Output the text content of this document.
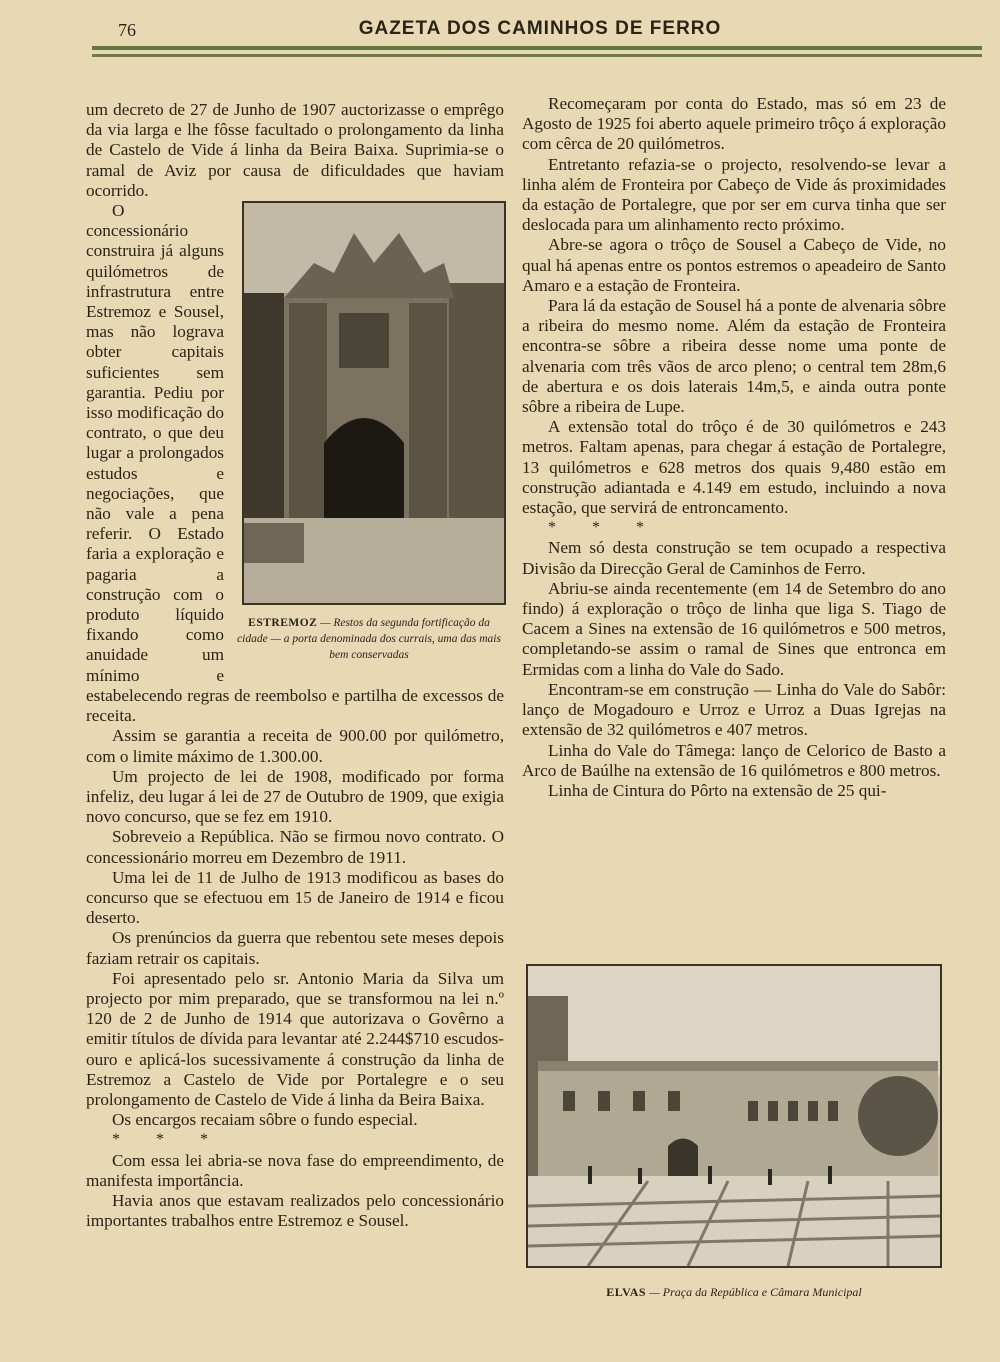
76	GAZETA DOS CAMINHOS DE FERRO

um decreto de 27 de Junho de 1907 auctorizasse o emprêgo da via larga e lhe fôsse facultado o prolongamento da linha de Castelo de Vide á linha da Beira Baixa. Suprimia-se o ramal de Aviz por causa de dificuldades que haviam ocorrido.

ESTREMOZ — Restos da segunda fortificação da cidade — a porta denominada dos currais, uma das mais bem conservadas

O concessionário construira já alguns quilómetros de infrastrutura entre Estremoz e Sousel, mas não lograva obter capitais suficientes sem garantia. Pediu por isso modificação do contrato, o que deu lugar a prolongados estudos e negociações, que não vale a pena referir. O Estado faria a exploração e pagaria a construção com o produto líquido fixando como anuidade um mínimo e estabelecendo regras de reembolso e partilha de excessos de receita.

Assim se garantia a receita de 900.00 por quilómetro, com o limite máximo de 1.300.00.

Um projecto de lei de 1908, modificado por forma infeliz, deu lugar á lei de 27 de Outubro de 1909, que exigia novo concurso, que se fez em 1910.

Sobreveio a República. Não se firmou novo contrato. O concessionário morreu em Dezembro de 1911.

Uma lei de 11 de Julho de 1913 modificou as bases do concurso que se efectuou em 15 de Janeiro de 1914 e ficou deserto.

Os prenúncios da guerra que rebentou sete meses depois faziam retrair os capitais.

Foi apresentado pelo sr. Antonio Maria da Silva um projecto por mim preparado, que se transformou na lei n.º 120 de 2 de Junho de 1914 que autorizava o Govêrno a emitir títulos de dívida para levantar até 2.244$710 escudos-ouro e aplicá-los sucessivamente á construção da linha de Estremoz a Castelo de Vide por Portalegre e o seu prolongamento de Castelo de Vide á linha da Beira Baixa.

Os encargos recaiam sôbre o fundo especial.

* * *

Com essa lei abria-se nova fase do empreendimento, de manifesta importância.

Havia anos que estavam realizados pelo concessionário importantes trabalhos entre Estremoz e Sousel.

Recomeçaram por conta do Estado, mas só em 23 de Agosto de 1925 foi aberto aquele primeiro trôço á exploração com cêrca de 20 quilómetros.

Entretanto refazia-se o projecto, resolvendo-se levar a linha além de Fronteira por Cabeço de Vide ás proximidades da estação de Portalegre, que por ser em curva tinha que ser deslocada para um alinhamento recto próximo.

Abre-se agora o trôço de Sousel a Cabeço de Vide, no qual há apenas entre os pontos estremos o apeadeiro de Santo Amaro e a estação de Fronteira.

Para lá da estação de Sousel há a ponte de alvenaria sôbre a ribeira do mesmo nome. Além da estação de Fronteira encontra-se sôbre a ribeira desse nome uma ponte de alvenaria com três vãos de arco pleno; o central tem 28m,6 de abertura e os dois laterais 14m,5, e ainda outra ponte sôbre a ribeira de Lupe.

A extensão total do trôço é de 30 quilómetros e 243 metros. Faltam apenas, para chegar á estação de Portalegre, 13 quilómetros e 628 metros dos quais 9,480 estão em construção adiantada e 4.149 em estudo, incluindo a nova estação, que servirá de entroncamento.

* * *

Nem só desta construção se tem ocupado a respectiva Divisão da Direcção Geral de Caminhos de Ferro.

Abriu-se ainda recentemente (em 14 de Setembro do ano findo) á exploração o trôço de linha que liga S. Tiago de Cacem a Sines na extensão de 16 quilómetros e 500 metros, completando-se assim o ramal de Sines que entronca em Ermidas com a linha do Vale do Sado.

Encontram-se em construção — Linha do Vale do Sabôr: lanço de Mogadouro e Urroz e Urroz a Duas Igrejas na extensão de 32 quilómetros e 407 metros.

Linha do Vale do Tâmega: lanço de Celorico de Basto a Arco de Baúlhe na extensão de 16 quilómetros e 800 metros.

Linha de Cintura do Pôrto na extensão de 25 qui-

ELVAS — Praça da República e Câmara Municipal
